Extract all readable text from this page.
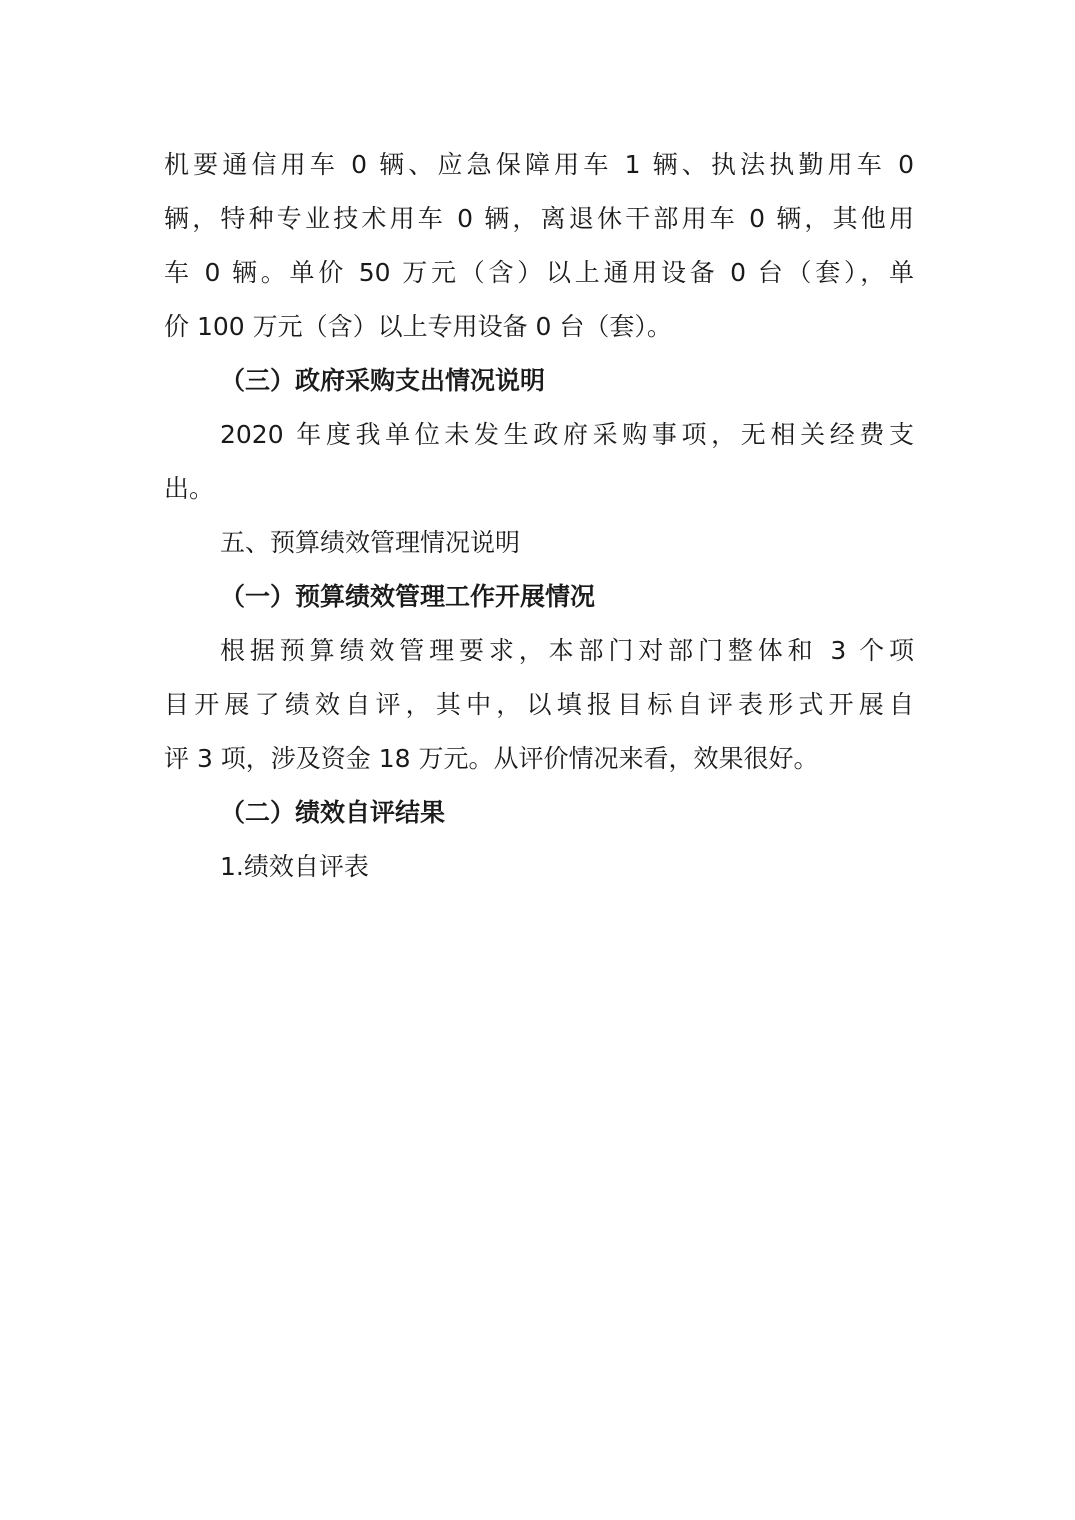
机要通信用车 0 辆、应急保障用车 1 辆、执法执勤用车 0
辆，特种专业技术用车 0 辆，离退休干部用车 0 辆，其他用
车 0 辆。单价 50 万元（含）以上通用设备 0 台（套），单
价 100 万元（含）以上专用设备 0 台（套）。
（三）政府采购支出情况说明
2020 年度我单位未发生政府采购事项，无相关经费支
出。
五、预算绩效管理情况说明
（一）预算绩效管理工作开展情况
根据预算绩效管理要求，本部门对部门整体和 3 个项
目开展了绩效自评，其中，以填报目标自评表形式开展自
评 3 项，涉及资金 18 万元。从评价情况来看，效果很好。
（二）绩效自评结果
1.绩效自评表
